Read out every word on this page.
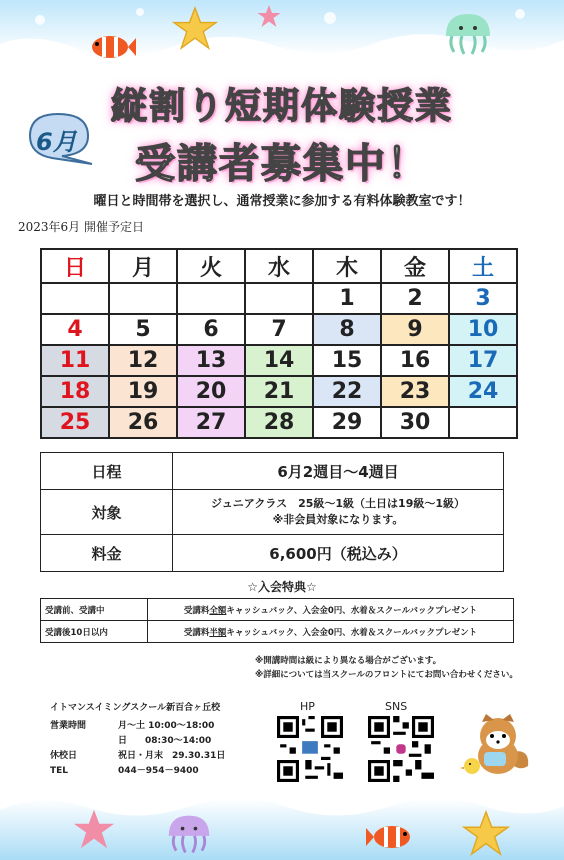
縦割り短期体験授業
6月	受講者募集中！
曜日と時間帯を選択し、通常授業に参加する有料体験教室です！
2023年6月 開催予定日
日	月	火	水	木	金	土
				1	2	3
4	5	6	7	8	9	10
11	12	13	14	15	16	17
18	19	20	21	22	23	24
25	26	27	28	29	30	
日程	6月2週目～4週目
対象	ジュニアクラス　25級～1級（土日は19級～1級）
※非会員対象になります。

料金	6,600円（税込み）
☆入会特典☆
受講前、受講中	受講料全額キャッシュバック、入会金0円、水着＆スクールバックプレゼント
受講後10日以内	受講料半額キャッシュバック、入会金0円、水着＆スクールバックプレゼント
※開講時間は級により異なる場合がございます。
※詳細については当スクールのフロントにてお問い合わせください。
イトマンスイミングスクール新百合ヶ丘校
営業時間	月～土 10:00～18:00
日　　08:30～14:00
休校日	祝日・月末　29.30.31日
TEL	044－954－9400
HP	SNS
